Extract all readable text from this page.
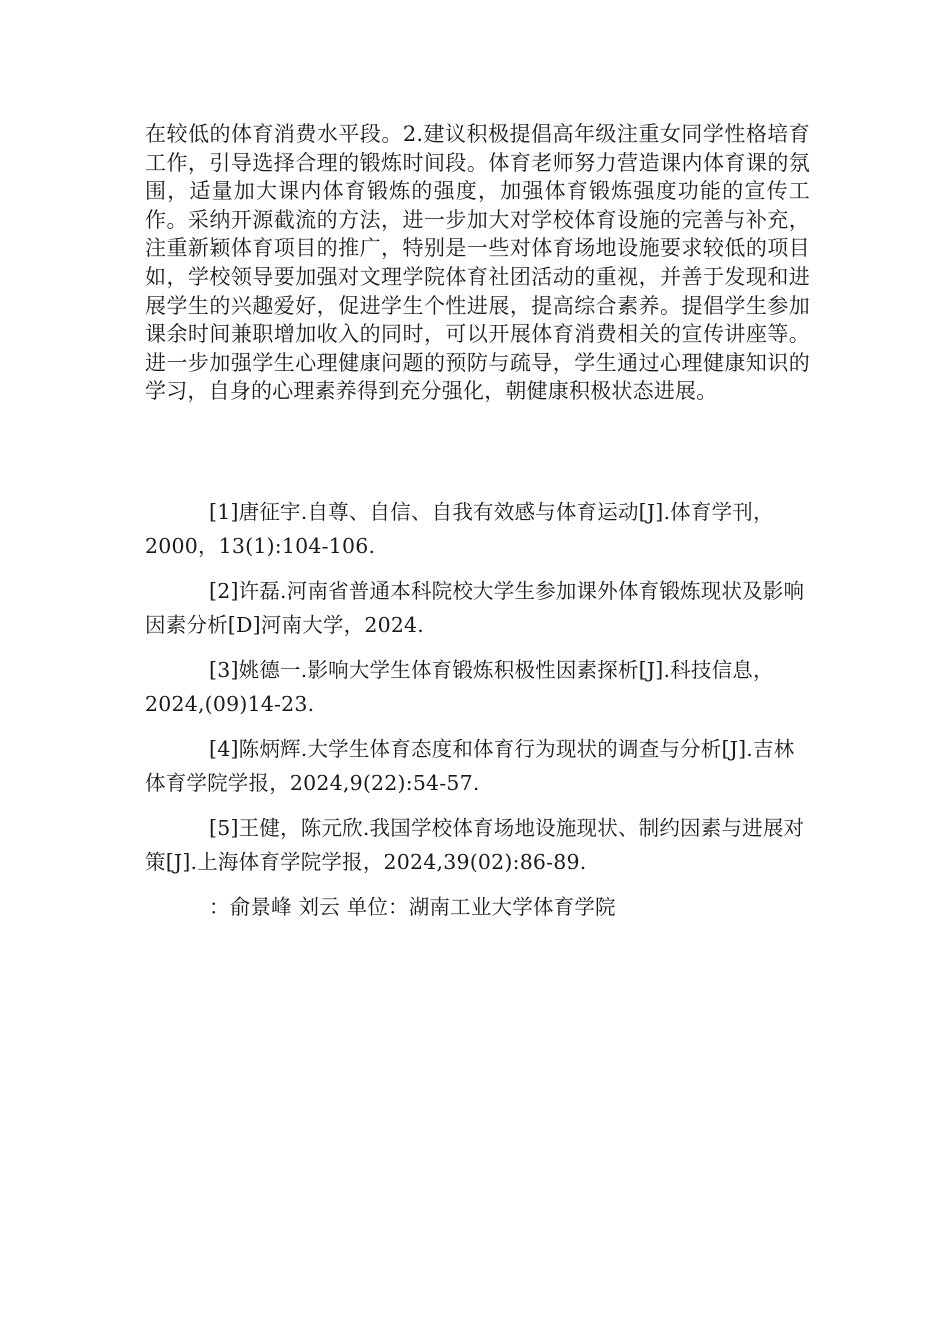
在较低的体育消费水平段。2.建议积极提倡高年级注重女同学性格培育工作，引导选择合理的锻炼时间段。体育老师努力营造课内体育课的氛围，适量加大课内体育锻炼的强度，加强体育锻炼强度功能的宣传工作。采纳开源截流的方法，进一步加大对学校体育设施的完善与补充，注重新颖体育项目的推广，特别是一些对体育场地设施要求较低的项目如，学校领导要加强对文理学院体育社团活动的重视，并善于发现和进展学生的兴趣爱好，促进学生个性进展，提高综合素养。提倡学生参加课余时间兼职增加收入的同时，可以开展体育消费相关的宣传讲座等。进一步加强学生心理健康问题的预防与疏导，学生通过心理健康知识的学习，自身的心理素养得到充分强化，朝健康积极状态进展。

[1]唐征宇.自尊、自信、自我有效感与体育运动[J].体育学刊，2000，13(1):104-106.

[2]许磊.河南省普通本科院校大学生参加课外体育锻炼现状及影响因素分析[D]河南大学，2024.

[3]姚德一.影响大学生体育锻炼积极性因素探析[J].科技信息，2024,(09)14-23.

[4]陈炳辉.大学生体育态度和体育行为现状的调查与分析[J].吉林体育学院学报，2024,9(22):54-57.

[5]王健，陈元欣.我国学校体育场地设施现状、制约因素与进展对策[J].上海体育学院学报，2024,39(02):86-89.

：俞景峰 刘云 单位：湖南工业大学体育学院
